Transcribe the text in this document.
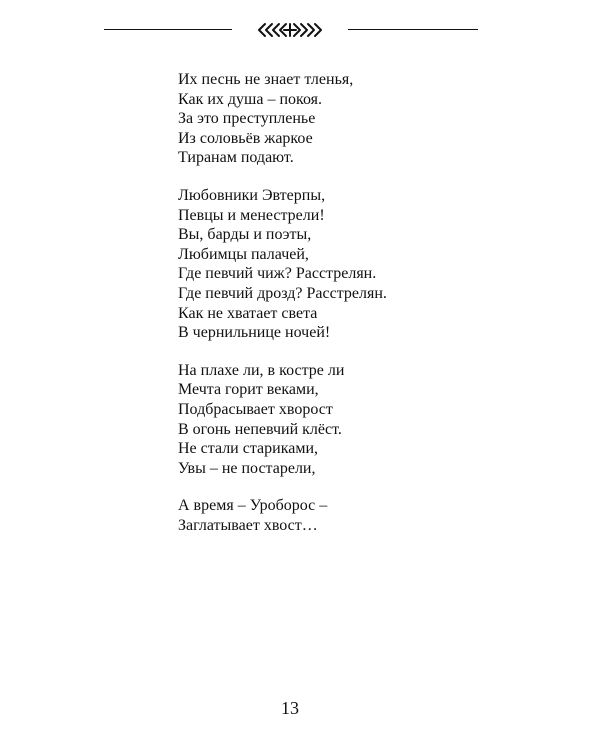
Их песнь не знает тленья,
Как их душа – покоя.
За это преступленье
Из соловьёв жаркое
Тиранам подают.
Любовники Эвтерпы,
Певцы и менестрели!
Вы, барды и поэты,
Любимцы палачей,
Где певчий чиж? Расстрелян.
Где певчий дрозд? Расстрелян.
Как не хватает света
В чернильнице ночей!
На плахе ли, в костре ли
Мечта горит веками,
Подбрасывает хворост
В огонь непевчий клёст.
Не стали стариками,
Увы – не постарели,
А время – Уроборос –
Заглатывает хвост…
13
